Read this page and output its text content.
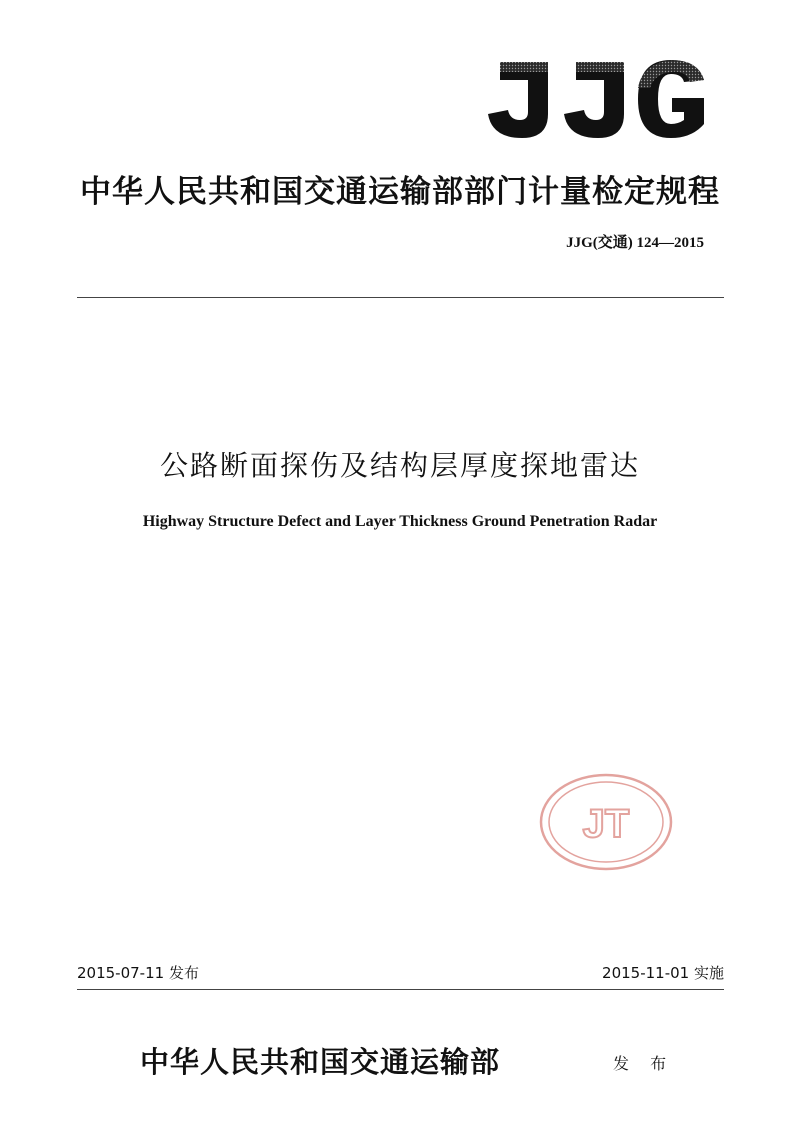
中华人民共和国交通运输部部门计量检定规程
JJG(交通) 124—2015
公路断面探伤及结构层厚度探地雷达
Highway Structure Defect and Layer Thickness Ground Penetration Radar
JT
2015-07-11 发布	2015-11-01 实施
中华人民共和国交通运输部	发 布
